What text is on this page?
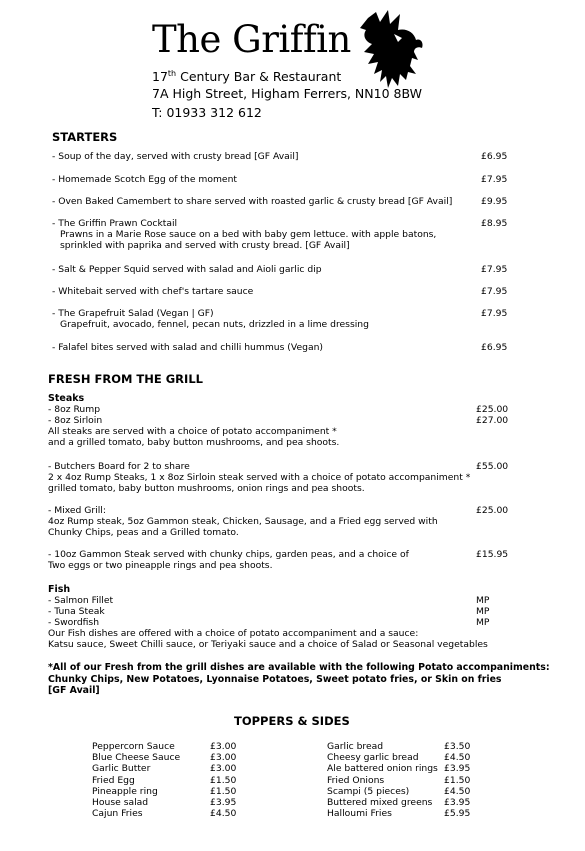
The Griffin
17th Century Bar & Restaurant
7A High Street, Higham Ferrers, NN10 8BW
T: 01933 312 612
STARTERS
- Soup of the day, served with crusty bread [GF Avail]	£6.95
- Homemade Scotch Egg of the moment	£7.95
- Oven Baked Camembert to share served with roasted garlic & crusty bread [GF Avail]	£9.95
- The Griffin Prawn Cocktail	£8.95
Prawns in a Marie Rose sauce on a bed with baby gem lettuce. with apple batons,
sprinkled with paprika and served with crusty bread. [GF Avail]
- Salt & Pepper Squid served with salad and Aioli garlic dip	£7.95
- Whitebait served with chef's tartare sauce	£7.95
- The Grapefruit Salad (Vegan | GF)	£7.95
Grapefruit, avocado, fennel, pecan nuts, drizzled in a lime dressing
- Falafel bites served with salad and chilli hummus (Vegan)	£6.95
FRESH FROM THE GRILL
Steaks
- 8oz Rump	£25.00
- 8oz Sirloin	£27.00
All steaks are served with a choice of potato accompaniment *
and a grilled tomato, baby button mushrooms, and pea shoots.
- Butchers Board for 2 to share	£55.00
2 x 4oz Rump Steaks, 1 x 8oz Sirloin steak served with a choice of potato accompaniment *
grilled tomato, baby button mushrooms, onion rings and pea shoots.
- Mixed Grill:	£25.00
4oz Rump steak, 5oz Gammon steak, Chicken, Sausage, and a Fried egg served with
Chunky Chips, peas and a Grilled tomato.
- 10oz Gammon Steak served with chunky chips, garden peas, and a choice of	£15.95
Two eggs or two pineapple rings and pea shoots.
Fish
- Salmon Fillet	MP
- Tuna Steak	MP
- Swordfish	MP
Our Fish dishes are offered with a choice of potato accompaniment and a sauce:
Katsu sauce, Sweet Chilli sauce, or Teriyaki sauce and a choice of Salad or Seasonal vegetables
*All of our Fresh from the grill dishes are available with the following Potato accompaniments:
Chunky Chips, New Potatoes, Lyonnaise Potatoes, Sweet potato fries, or Skin on fries
[GF Avail]
TOPPERS & SIDES
Peppercorn Sauce	£3.00
Blue Cheese Sauce	£3.00
Garlic Butter	£3.00
Fried Egg	£1.50
Pineapple ring	£1.50
House salad	£3.95
Cajun Fries	£4.50
Garlic bread	£3.50
Cheesy garlic bread	£4.50
Ale battered onion rings £3.95
Fried Onions	£1.50
Scampi (5 pieces)	£4.50
Buttered mixed greens £3.95
Halloumi Fries	£5.95
